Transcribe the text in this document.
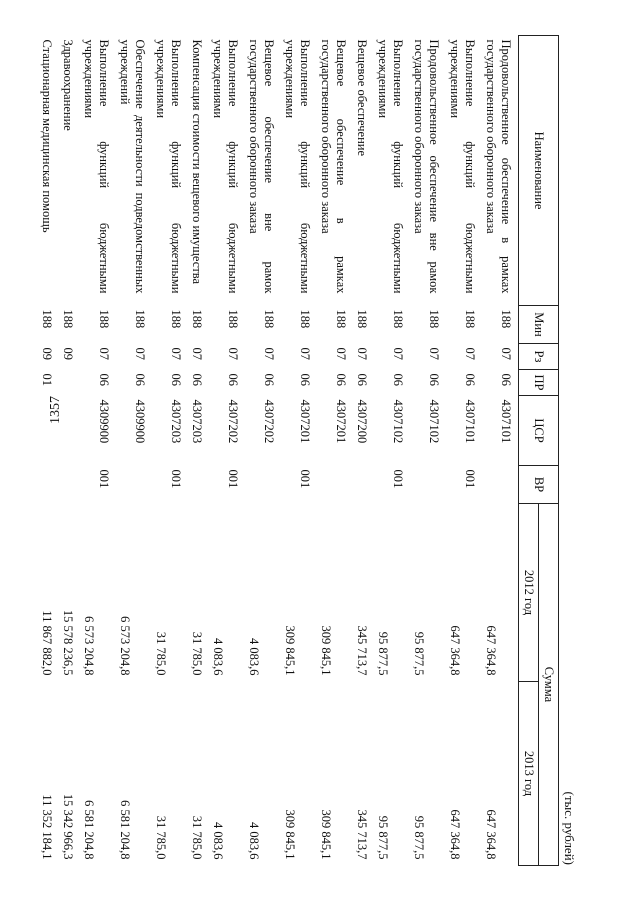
1357
(тыс. рублей)
Наименование	Мин	Рз	ПР	ЦСР	ВР	Сумма	
						2012 год	2013 год
Продовольственное обеспечение в рамках государственного оборонного заказа	188	07	06	4307101		647 364,8	647 364,8
Выполнение функций бюджетными учреждениями	188	07	06	4307101	001	647 364,8	647 364,8
Продовольственное обеспечение вне рамок государственного оборонного заказа	188	07	06	4307102		95 877,5	95 877,5
Выполнение функций бюджетными учреждениями	188	07	06	4307102	001	95 877,5	95 877,5
Вещевое обеспечение	188	07	06	4307200		345 713,7	345 713,7
Вещевое обеспечение в рамках государственного оборонного заказа	188	07	06	4307201		309 845,1	309 845,1
Выполнение функций бюджетными учреждениями	188	07	06	4307201	001	309 845,1	309 845,1
Вещевое обеспечение вне рамок государственного оборонного заказа	188	07	06	4307202		4 083,6	4 083,6
Выполнение функций бюджетными учреждениями	188	07	06	4307202	001	4 083,6	4 083,6
Компенсация стоимости вещевого имущества	188	07	06	4307203		31 785,0	31 785,0
Выполнение функций бюджетными учреждениями	188	07	06	4307203	001	31 785,0	31 785,0
Обеспечение деятельности подведомственных учреждений	188	07	06	4309900		6 573 204,8	6 581 204,8
Выполнение функций бюджетными учреждениями	188	07	06	4309900	001	6 573 204,8	6 581 204,8
Здравоохранение	188	09				15 578 236,5	15 342 966,3
Стационарная медицинская помощь	188	09	01			11 867 882,0	11 352 184,1
